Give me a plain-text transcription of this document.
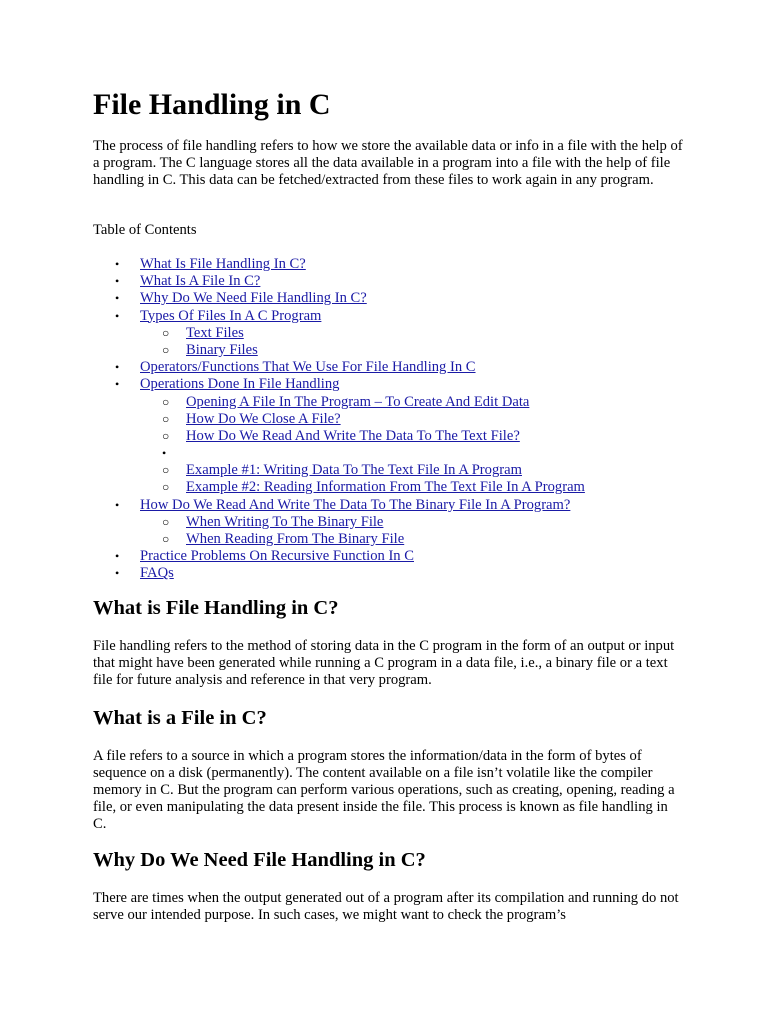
File Handling in C

The process of file handling refers to how we store the available data or info in a file with the help of a program. The C language stores all the data available in a program into a file with the help of file handling in C. This data can be fetched/extracted from these files to work again in any program.

Table of Contents

• What Is File Handling In C?
• What Is A File In C?
• Why Do We Need File Handling In C?
• Types Of Files In A C Program
○ Text Files
○ Binary Files
• Operators/Functions That We Use For File Handling In C
• Operations Done In File Handling
○ Opening A File In The Program – To Create And Edit Data
○ How Do We Close A File?
○ How Do We Read And Write The Data To The Text File?
•
○ Example #1: Writing Data To The Text File In A Program
○ Example #2: Reading Information From The Text File In A Program
• How Do We Read And Write The Data To The Binary File In A Program?
○ When Writing To The Binary File
○ When Reading From The Binary File
• Practice Problems On Recursive Function In C
• FAQs
What is File Handling in C?

File handling refers to the method of storing data in the C program in the form of an output or input that might have been generated while running a C program in a data file, i.e., a binary file or a text file for future analysis and reference in that very program.

What is a File in C?

A file refers to a source in which a program stores the information/data in the form of bytes of sequence on a disk (permanently). The content available on a file isn’t volatile like the compiler memory in C. But the program can perform various operations, such as creating, opening, reading a file, or even manipulating the data present inside the file. This process is known as file handling in C.

Why Do We Need File Handling in C?

There are times when the output generated out of a program after its compilation and running do not serve our intended purpose. In such cases, we might want to check the program’s
